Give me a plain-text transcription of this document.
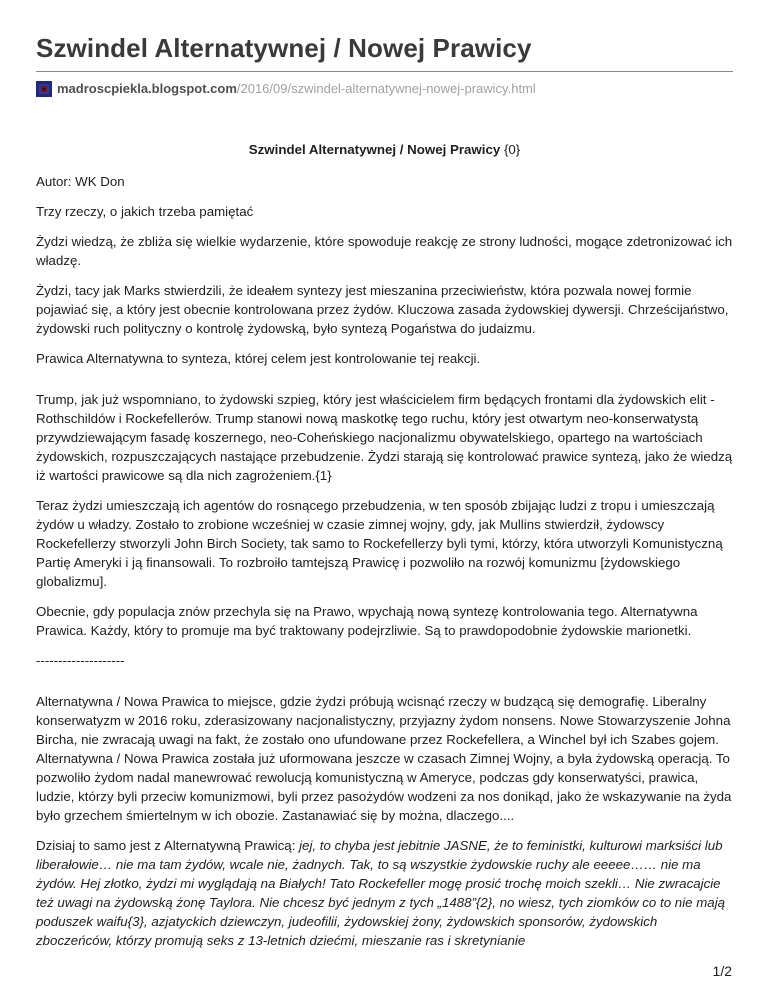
Szwindel Alternatywnej / Nowej Prawicy
madroscpiekla.blogspot.com /2016/09/szwindel-alternatywnej-nowej-prawicy.html
Szwindel Alternatywnej / Nowej Prawicy {0}

Autor: WK Don

Trzy rzeczy, o jakich trzeba pamiętać

Żydzi wiedzą, że zbliża się wielkie wydarzenie, które spowoduje reakcję ze strony ludności, mogące zdetronizować ich władzę.

Żydzi, tacy jak Marks stwierdzili, że ideałem syntezy jest mieszanina przeciwieństw, która pozwala nowej formie pojawiać się, a który jest obecnie kontrolowana przez żydów. Kluczowa zasada żydowskiej dywersji. Chrześcijaństwo, żydowski ruch polityczny o kontrolę żydowską, było syntezą Pogaństwa do judaizmu.

Prawica Alternatywna to synteza, której celem jest kontrolowanie tej reakcji.

Trump, jak już wspomniano, to żydowski szpieg, który jest właścicielem firm będących frontami dla żydowskich elit - Rothschildów i Rockefellerów. Trump stanowi nową maskotkę tego ruchu, który jest otwartym neo-konserwatystą przywdziewającym fasadę koszernego, neo-Coheńskiego nacjonalizmu obywatelskiego, opartego na wartościach żydowskich, rozpuszczających nastające przebudzenie. Żydzi starają się kontrolować prawice syntezą, jako że wiedzą iż wartości prawicowe są dla nich zagrożeniem.{1}

Teraz żydzi umieszczają ich agentów do rosnącego przebudzenia, w ten sposób zbijając ludzi z tropu i umieszczają żydów u władzy. Zostało to zrobione wcześniej w czasie zimnej wojny, gdy, jak Mullins stwierdził, żydowscy Rockefellerzy stworzyli John Birch Society, tak samo to Rockefellerzy byli tymi, którzy, która utworzyli Komunistyczną Partię Ameryki i ją finansowali. To rozbroiło tamtejszą Prawicę i pozwoliło na rozwój komunizmu [żydowskiego globalizmu].

Obecnie, gdy populacja znów przechyla się na Prawo, wpychają nową syntezę kontrolowania tego. Alternatywna Prawica. Każdy, który to promuje ma być traktowany podejrzliwie. Są to prawdopodobnie żydowskie marionetki.

--------------------

Alternatywna / Nowa Prawica to miejsce, gdzie żydzi próbują wcisnąć rzeczy w budzącą się demografię. Liberalny konserwatyzm w 2016 roku, zderasizowany nacjonalistyczny, przyjazny żydom nonsens. Nowe Stowarzyszenie Johna Bircha, nie zwracają uwagi na fakt, że zostało ono ufundowane przez Rockefellera, a Winchel był ich Szabes gojem. Alternatywna / Nowa Prawica została już uformowana jeszcze w czasach Zimnej Wojny, a była żydowską operacją. To pozwoliło żydom nadal manewrować rewolucją komunistyczną w Ameryce, podczas gdy konserwatyści, prawica, ludzie, którzy byli przeciw komunizmowi, byli przez pasożydów wodzeni za nos donikąd, jako że wskazywanie na żyda było grzechem śmiertelnym w ich obozie. Zastanawiać się by można, dlaczego....

Dzisiaj to samo jest z Alternatywną Prawicą: jej, to chyba jest jebitnie JASNE, że to feministki, kulturowi marksiści lub liberałowie… nie ma tam żydów, wcale nie, żadnych. Tak, to są wszystkie żydowskie ruchy ale eeeee…… nie ma żydów. Hej złotko, żydzi mi wyglądają na Białych! Tato Rockefeller mogę prosić trochę moich szekli… Nie zwracajcie też uwagi na żydowską żonę Taylora. Nie chcesz być jednym z tych „1488”{2}, no wiesz, tych ziomków co to nie mają poduszek waifu{3}, azjatyckich dziewczyn, judeofilii, żydowskiej żony, żydowskich sponsorów, żydowskich zboczeńców, którzy promują seks z 13-letnich dziećmi, mieszanie ras i skretynianie

1/2
